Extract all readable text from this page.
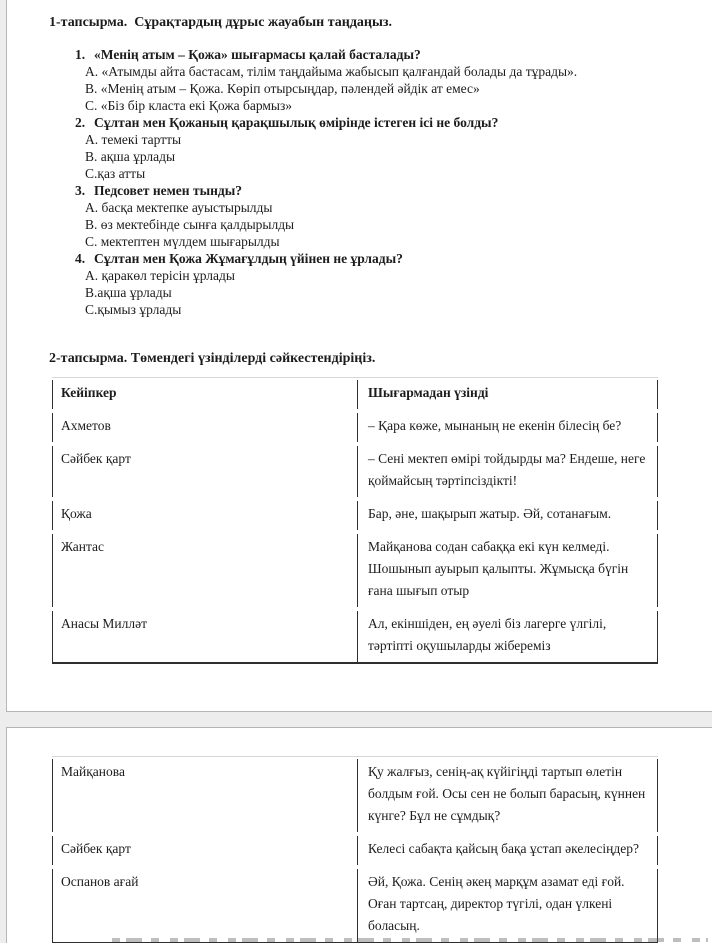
1-тапсырма.  Сұрақтардың дұрыс жауабын таңдаңыз.
1. «Менің атым – Қожа» шығармасы қалай басталады?
А. «Атымды айта бастасам, тілім таңдайыма жабысып қалғандай болады да тұрады».
В. «Менің атым – Қожа. Көріп отырсыңдар, пәлендей әйдік ат емес»
С. «Біз бір класта екі Қожа бармыз»
2. Сұлтан мен Қожаның қарақшылық өмірінде істеген ісі не болды?
А. темекі тартты
В. ақша ұрлады
С.қаз атты
3. Педсовет немен тынды?
А. басқа мектепке ауыстырылды
В. өз мектебінде сынға қалдырылды
С. мектептен мүлдем шығарылды
4. Сұлтан мен Қожа Жұмағұлдың үйінен не ұрлады?
А. қаракөл терісін ұрлады
В.ақша ұрлады
С.қымыз ұрлады
2-тапсырма. Төмендегі үзінділерді сәйкестендіріңіз.
Кейіпкер	Шығармадан үзінді
Ахметов	– Қара көже, мынаның не екенін білесің бе?
Сәйбек қарт	– Сені мектеп өмірі тойдырды ма? Ендеше, неге қоймайсың тәртіпсіздікті!
Қожа	Бар, әне, шақырып жатыр. Әй, сотанағым.
Жантас	Майқанова содан сабаққа екі күн келмеді. Шошынып ауырып қалыпты. Жұмысқа бүгін ғана шығып отыр
Анасы Милләт	Ал, екіншіден, ең әуелі біз лагерге үлгілі, тәртіпті оқушыларды жібереміз
Майқанова	Қу жалғыз, сенің-ақ күйігіңді тартып өлетін болдым ғой. Осы сен не болып барасың, күннен күнге? Бұл не сұмдық?
Сәйбек қарт	Келесі сабақта қайсың бақа ұстап әкелесіңдер?
Оспанов ағай	Әй, Қожа. Сенің әкең марқұм азамат еді ғой. Оған тартсаң, директор түгілі, одан үлкені боласың.
